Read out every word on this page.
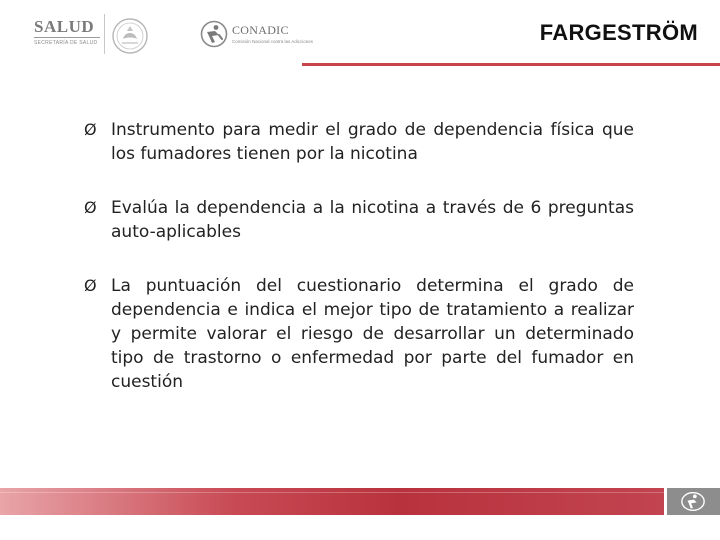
SALUD
SECRETARÍA DE SALUD
CONADIC
Comisión Nacional contra las Adicciones	FARGESTRÖM
Ø Instrumento para medir el grado de dependencia física que los fumadores tienen por la nicotina
Ø Evalúa la dependencia a la nicotina a través de 6 preguntas auto-aplicables
Ø La puntuación del cuestionario determina el grado de dependencia e indica el mejor tipo de tratamiento a realizar y permite valorar el riesgo de desarrollar un determinado tipo de trastorno o enfermedad por parte del fumador en cuestión
